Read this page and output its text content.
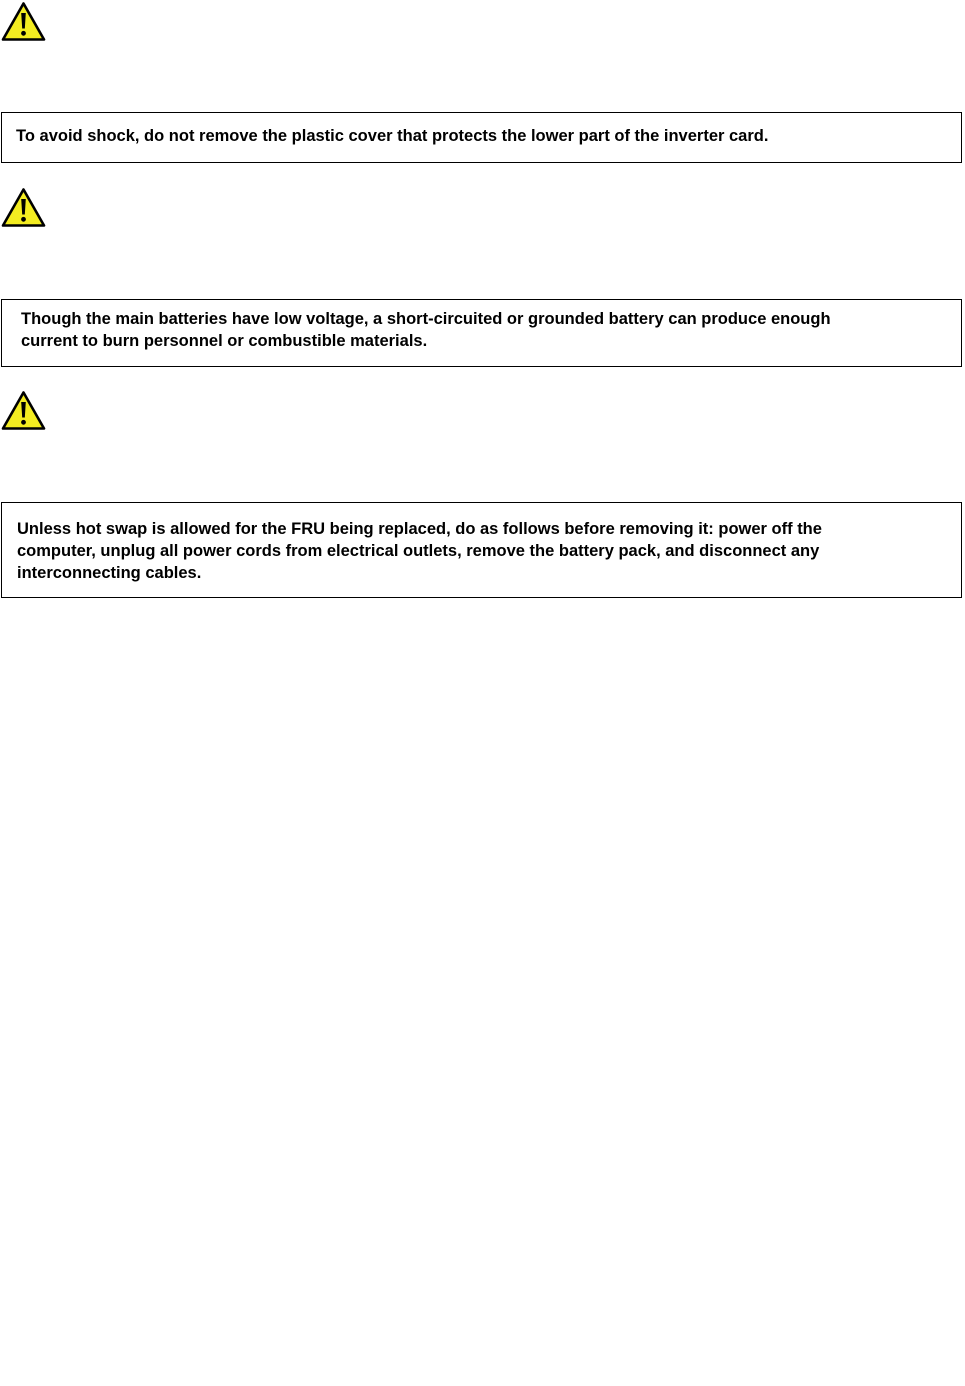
To avoid shock, do not remove the plastic cover that protects the lower part of the inverter card.

Though the main batteries have low voltage, a short-circuited or grounded battery can produce enough
current to burn personnel or combustible materials.

Unless hot swap is allowed for the FRU being replaced, do as follows before removing it: power off the
computer, unplug all power cords from electrical outlets, remove the battery pack, and disconnect any
interconnecting cables.
